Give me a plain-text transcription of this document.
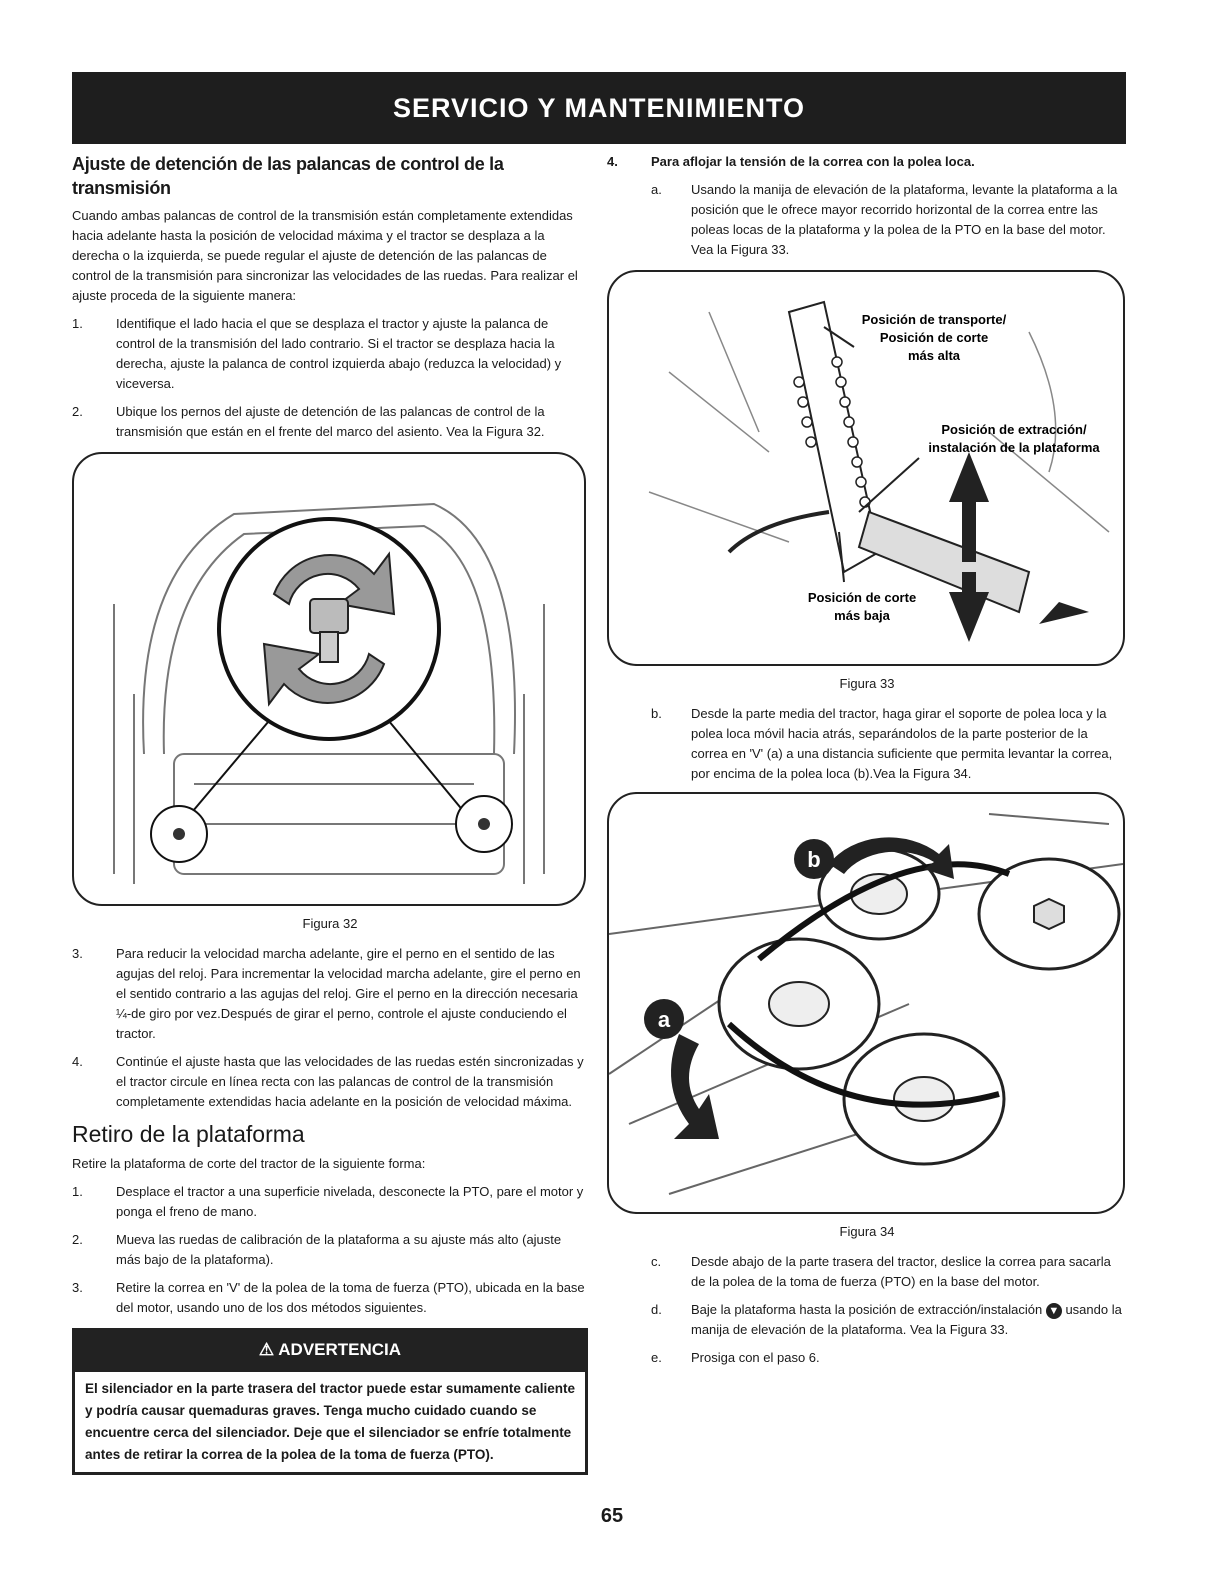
SERVICIO Y MANTENIMIENTO
Ajuste de detención de las palancas de control de la transmisión

Cuando ambas palancas de control de la transmisión están completamente extendidas hacia adelante hasta la posición de velocidad máxima y el tractor se desplaza a la derecha o la izquierda, se puede regular el ajuste de detención de las palancas de control de la transmisión para sincronizar las velocidades de las ruedas. Para realizar el ajuste proceda de la siguiente manera:

1.	Identifique el lado hacia el que se desplaza el tractor y ajuste la palanca de control de la transmisión del lado contrario. Si el tractor se desplaza hacia la derecha, ajuste la palanca de control izquierda abajo (reduzca la velocidad) y viceversa.
2.	Ubique los pernos del ajuste de detención de las palancas de control de la transmisión que están en el frente del marco del asiento. Vea la Figura 32.
Figura 32
3.	Para reducir la velocidad marcha adelante, gire el perno en el sentido de las agujas del reloj. Para incrementar la velocidad marcha adelante, gire el perno en el sentido contrario a las agujas del reloj. Gire el perno en la dirección necesaria ¼-de giro por vez.Después de girar el perno, controle el ajuste conduciendo el tractor.
4.	Continúe el ajuste hasta que las velocidades de las ruedas estén sincronizadas y el tractor circule en línea recta con las palancas de control de la transmisión completamente extendidas hacia adelante en la posición de velocidad máxima.
Retiro de la plataforma

Retire la plataforma de corte del tractor de la siguiente forma:

1.	Desplace el tractor a una superficie nivelada, desconecte la PTO, pare el motor y ponga el freno de mano.
2.	Mueva las ruedas de calibración de la plataforma a su ajuste más alto (ajuste más bajo de la plataforma).
3.	Retire la correa en 'V' de la polea de la toma de fuerza (PTO), ubicada en la base del motor, usando uno de los dos métodos siguientes.
⚠ ADVERTENCIA
El silenciador en la parte trasera del tractor puede estar sumamente caliente y podría causar quemaduras graves. Tenga mucho cuidado cuando se encuentre cerca del silenciador. Deje que el silenciador se enfríe totalmente antes de retirar la correa de la polea de la toma de fuerza (PTO).
4.	Para aflojar la tensión de la correa con la polea loca.
a.	Usando la manija de elevación de la plataforma, levante la plataforma a la posición que le ofrece mayor recorrido horizontal de la correa entre las poleas locas de la plataforma y la polea de la PTO en la base del motor. Vea la Figura 33.
Posición de transporte/
Posición de corte
más alta
Posición de extracción/
instalación de la plataforma
Posición de corte
más baja
Figura 33
b.	Desde la parte media del tractor, haga girar el soporte de polea loca y la polea loca móvil hacia atrás, separándolos de la parte posterior de la correa en 'V' (a) a una distancia suficiente que permita levantar la correa, por encima de la polea loca (b).Vea la Figura 34.
b
a
Figura 34
c.	Desde abajo de la parte trasera del tractor, deslice la correa para sacarla de la polea de la toma de fuerza (PTO) en la base del motor.
d.	Baje la plataforma hasta la posición de extracción/instalación ▼ usando la manija de elevación de la plataforma. Vea la Figura 33.
e.	Prosiga con el paso 6.
65
